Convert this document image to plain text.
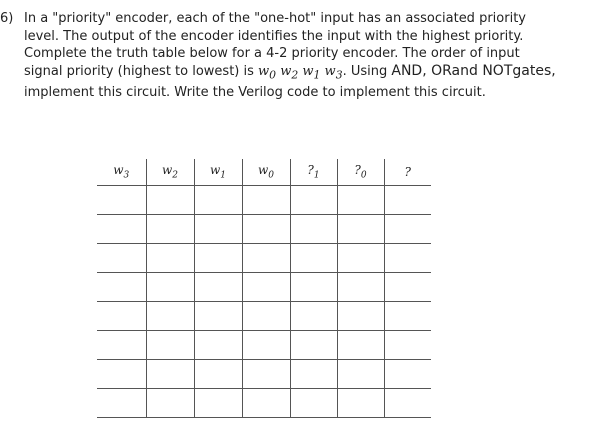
6) In a "priority" encoder, each of the "one-hot" input has an associated priority
level. The output of the encoder identifies the input with the highest priority.
Complete the truth table below for a 4-2 priority encoder. The order of input
signal priority (highest to lowest) is $w_0$ $w_2$ $w_1$ $w_3$. Using AND, ORand NOTgates,
implement this circuit. Write the Verilog code to implement this circuit.
$w_3$	$w_2$	$w_1$	$w_0$	$?_1$	$?_0$	?
